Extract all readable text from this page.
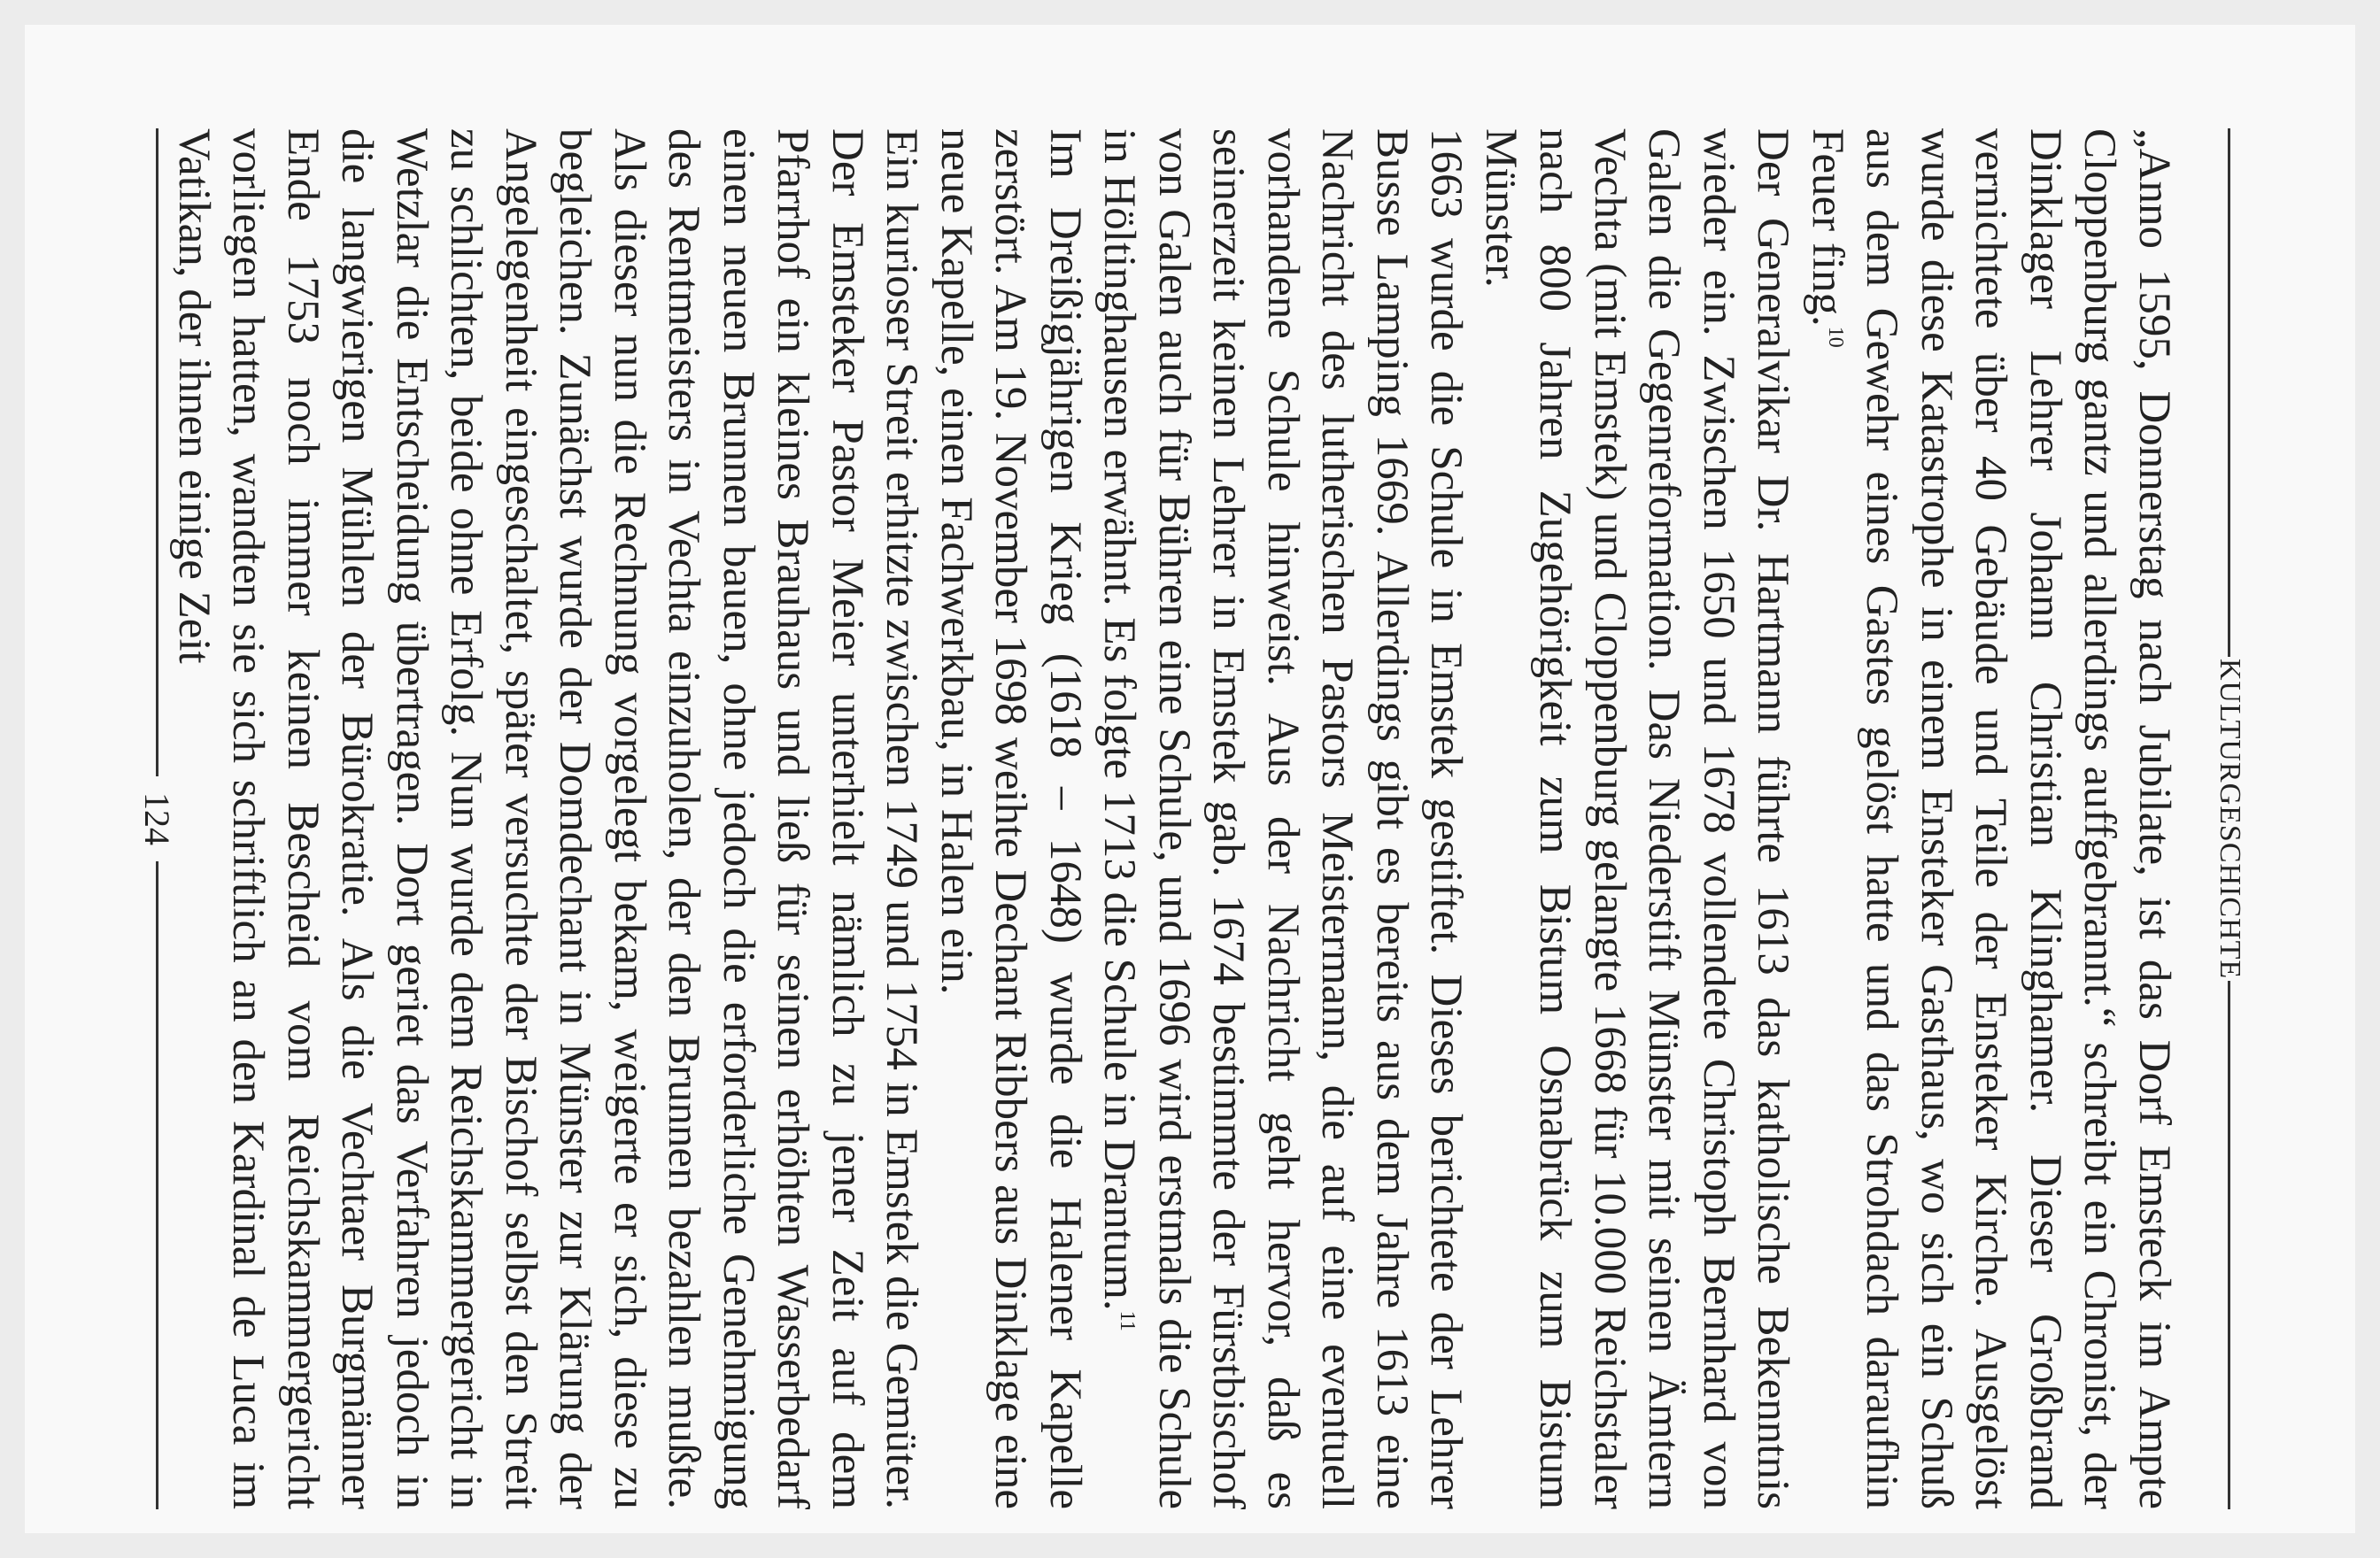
KULTURGESCHICHTE

„Anno 1595, Donnerstag nach Jubilate, ist das Dorf Emsteck im Ampte Cloppenburg gantz und allerdings auffgebrannt.“ schreibt ein Chronist, der Dinklager Lehrer Johann Christian Klinghamer. Dieser Großbrand vernichtete über 40 Gebäude und Teile der Ensteker Kirche. Ausgelöst wurde diese Katastrophe in einem Ensteker Gasthaus, wo sich ein Schuß aus dem Gewehr eines Gastes gelöst hatte und das Strohdach daraufhin Feuer fing.$^{10}$

Der Generalvikar Dr. Hartmann führte 1613 das katholische Bekenntnis wieder ein. Zwischen 1650 und 1678 vollendete Christoph Bernhard von Galen die Gegenreformation. Das Niederstift Münster mit seinen Ämtern Vechta (mit Emstek) und Cloppenburg gelangte 1668 für 10.000 Reichstaler nach 800 Jahren Zugehörigkeit zum Bistum Osnabrück zum Bistum Münster.

1663 wurde die Schule in Emstek gestiftet. Dieses berichtete der Lehrer Busse Lamping 1669. Allerdings gibt es bereits aus dem Jahre 1613 eine Nachricht des lutherischen Pastors Meistermann, die auf eine eventuell vorhandene Schule hinweist. Aus der Nachricht geht hervor, daß es seinerzeit keinen Lehrer in Emstek gab. 1674 bestimmte der Fürstbischof von Galen auch für Bühren eine Schule, und 1696 wird erstmals die Schule in Höltinghausen erwähnt. Es folgte 1713 die Schule in Drantum.$^{11}$

Im Dreißigjährigen Krieg (1618 – 1648) wurde die Halener Kapelle zerstört. Am 19. November 1698 weihte Dechant Ribbers aus Dinklage eine neue Kapelle, einen Fachwerkbau, in Halen ein.

Ein kurioser Streit erhitzte zwischen 1749 und 1754 in Emstek die Gemüter. Der Emsteker Pastor Meier unterhielt nämlich zu jener Zeit auf dem Pfarrhof ein kleines Brauhaus und ließ für seinen erhöhten Wasserbedarf einen neuen Brunnen bauen, ohne jedoch die erforderliche Genehmigung des Rentmeisters in Vechta einzuholen, der den Brunnen bezahlen mußte. Als dieser nun die Rechnung vorgelegt bekam, weigerte er sich, diese zu begleichen. Zunächst wurde der Domdechant in Münster zur Klärung der Angelegenheit eingeschaltet, später versuchte der Bischof selbst den Streit zu schlichten, beide ohne Erfolg. Nun wurde dem Reichskammergericht in Wetzlar die Entscheidung übertragen. Dort geriet das Verfahren jedoch in die langwierigen Mühlen der Bürokratie. Als die Vechtaer Burgmänner Ende 1753 noch immer keinen Bescheid vom Reichskammergericht vorliegen hatten, wandten sie sich schriftlich an den Kardinal de Luca im Vatikan, der ihnen einige Zeit

124
